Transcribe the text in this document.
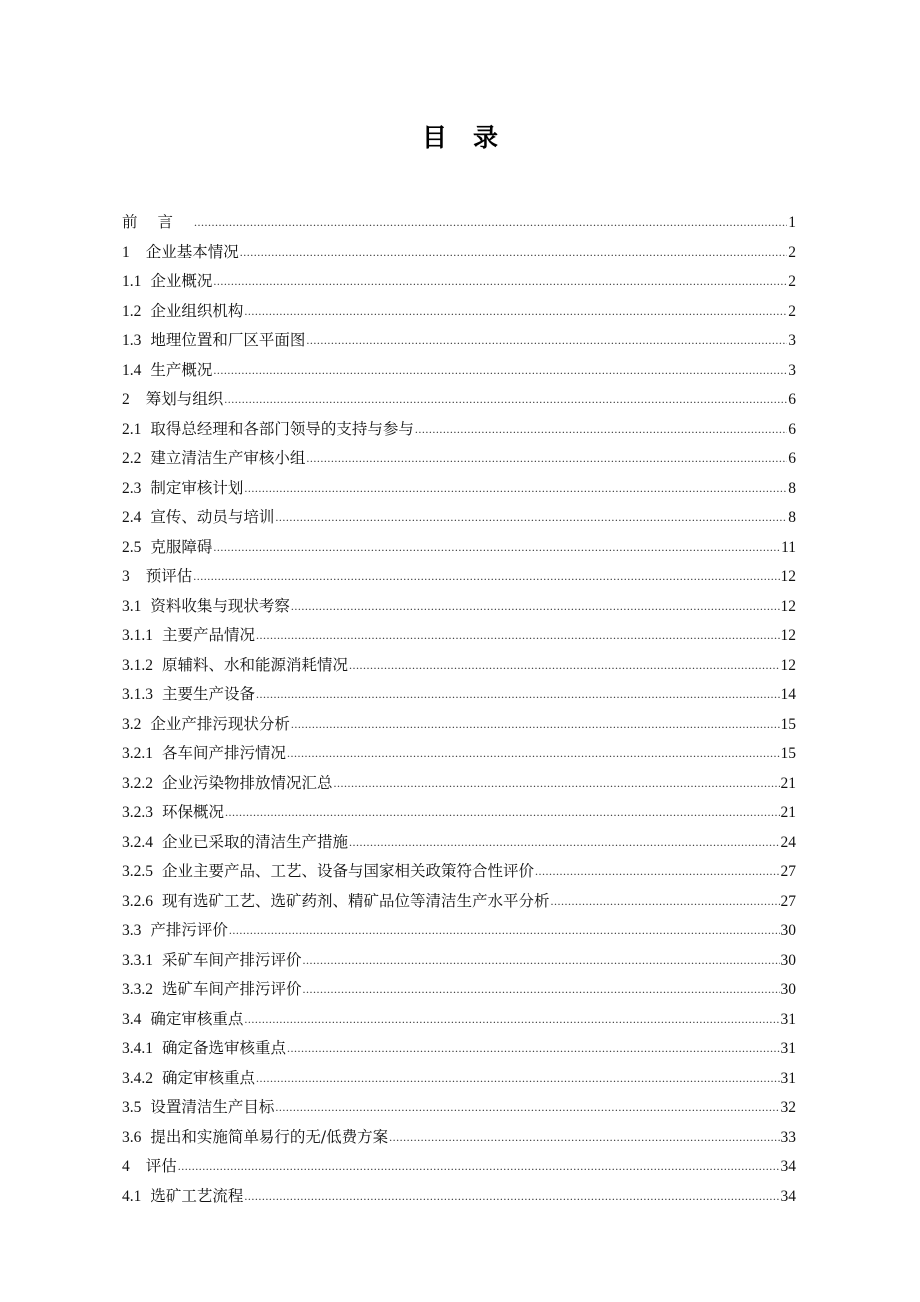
目录
前言 .....	1
1 企业基本情况 .....	2
1.1 企业概况 .....	2
1.2 企业组织机构 .....	2
1.3 地理位置和厂区平面图 .....	3
1.4 生产概况 .....	3
2 筹划与组织 .....	6
2.1 取得总经理和各部门领导的支持与参与 .....	6
2.2 建立清洁生产审核小组 .....	6
2.3 制定审核计划 .....	8
2.4 宣传、动员与培训 .....	8
2.5 克服障碍 .....	11
3 预评估 .....	12
3.1 资料收集与现状考察 .....	12
3.1.1 主要产品情况 .....	12
3.1.2 原辅料、水和能源消耗情况 .....	12
3.1.3 主要生产设备 .....	14
3.2 企业产排污现状分析 .....	15
3.2.1 各车间产排污情况 .....	15
3.2.2 企业污染物排放情况汇总 .....	21
3.2.3 环保概况 .....	21
3.2.4 企业已采取的清洁生产措施 .....	24
3.2.5 企业主要产品、工艺、设备与国家相关政策符合性评价 .....	27
3.2.6 现有选矿工艺、选矿药剂、精矿品位等清洁生产水平分析 .....	27
3.3 产排污评价 .....	30
3.3.1 采矿车间产排污评价 .....	30
3.3.2 选矿车间产排污评价 .....	30
3.4 确定审核重点 .....	31
3.4.1 确定备选审核重点 .....	31
3.4.2 确定审核重点 .....	31
3.5 设置清洁生产目标 .....	32
3.6 提出和实施简单易行的无/低费方案 .....	33
4 评估 .....	34
4.1 选矿工艺流程 .....	34
